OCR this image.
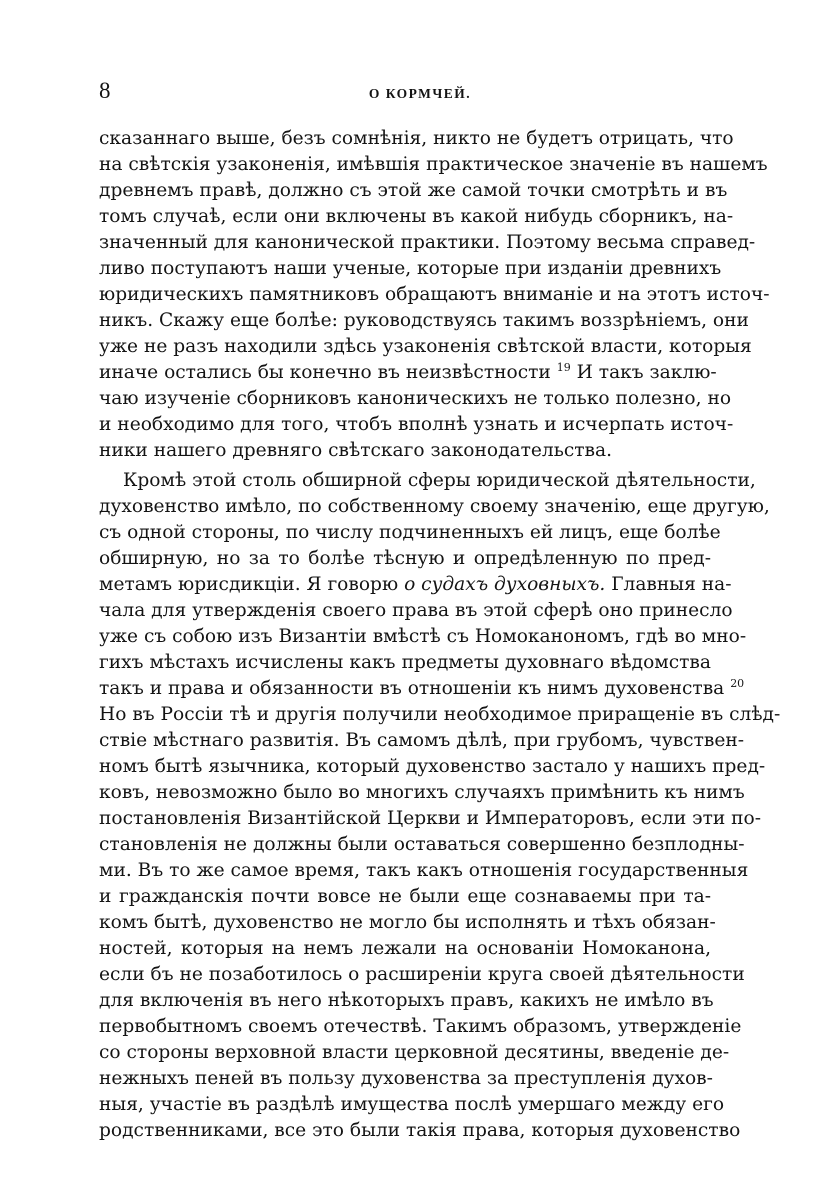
8	О КОРМЧЕЙ.
сказаннаго выше, безъ сомнѣнія, никто не будетъ отрицать, что
на свѣтскія узаконенія, имѣвшія практическое значеніе въ нашемъ
древнемъ правѣ, должно съ этой же самой точки смотрѣть и въ
томъ случаѣ, если они включены въ какой нибудь сборникъ, на-
значенный для канонической практики. Поэтому весьма справед-
ливо поступаютъ наши ученые, которые при изданіи древнихъ
юридическихъ памятниковъ обращаютъ вниманіе и на этотъ источ-
никъ. Скажу еще болѣе: руководствуясь такимъ воззрѣніемъ, они
уже не разъ находили здѣсь узаконенія свѣтской власти, которыя
иначе остались бы конечно въ неизвѣстности $^{19}$ И такъ заклю-
чаю изученіе сборниковъ каноническихъ не только полезно, но
и необходимо для того, чтобъ вполнѣ узнать и исчерпать источ-
ники нашего древняго свѣтскаго законодательства.
Кромѣ этой столь обширной сферы юридической дѣятельности,
духовенство имѣло, по собственному своему значенію, еще другую,
съ одной стороны, по числу подчиненныхъ ей лицъ, еще болѣе
обширную, но за то болѣе тѣсную и опредѣленную по пред-
метамъ юрисдикціи. Я говорю о судахъ духовныхъ. Главныя на-
чала для утвержденія своего права въ этой сферѣ оно принесло
уже съ собою изъ Византіи вмѣстѣ съ Номоканономъ, гдѣ во мно-
гихъ мѣстахъ исчислены какъ предметы духовнаго вѣдомства
такъ и права и обязанности въ отношеніи къ нимъ духовенства $^{20}$
Но въ Россіи тѣ и другія получили необходимое приращеніе въ слѣд-
ствіе мѣстнаго развитія. Въ самомъ дѣлѣ, при грубомъ, чувствен-
номъ бытѣ язычника, который духовенство застало у нашихъ пред-
ковъ, невозможно было во многихъ случаяхъ примѣнить къ нимъ
постановленія Византійской Церкви и Императоровъ, если эти по-
становленія не должны были оставаться совершенно безплодны-
ми. Въ то же самое время, такъ какъ отношенія государственныя
и гражданскія почти вовсе не были еще сознаваемы при та-
комъ бытѣ, духовенство не могло бы исполнять и тѣхъ обязан-
ностей, которыя на немъ лежали на основаніи Номоканона,
если бъ не позаботилось о расширеніи круга своей дѣятельности
для включенія въ него нѣкоторыхъ правъ, какихъ не имѣло въ
первобытномъ своемъ отечествѣ. Такимъ образомъ, утвержденіе
со стороны верховной власти церковной десятины, введеніе де-
нежныхъ пеней въ пользу духовенства за преступленія духов-
ныя, участіе въ раздѣлѣ имущества послѣ умершаго между его
родственниками, все это были такія права, которыя духовенство
